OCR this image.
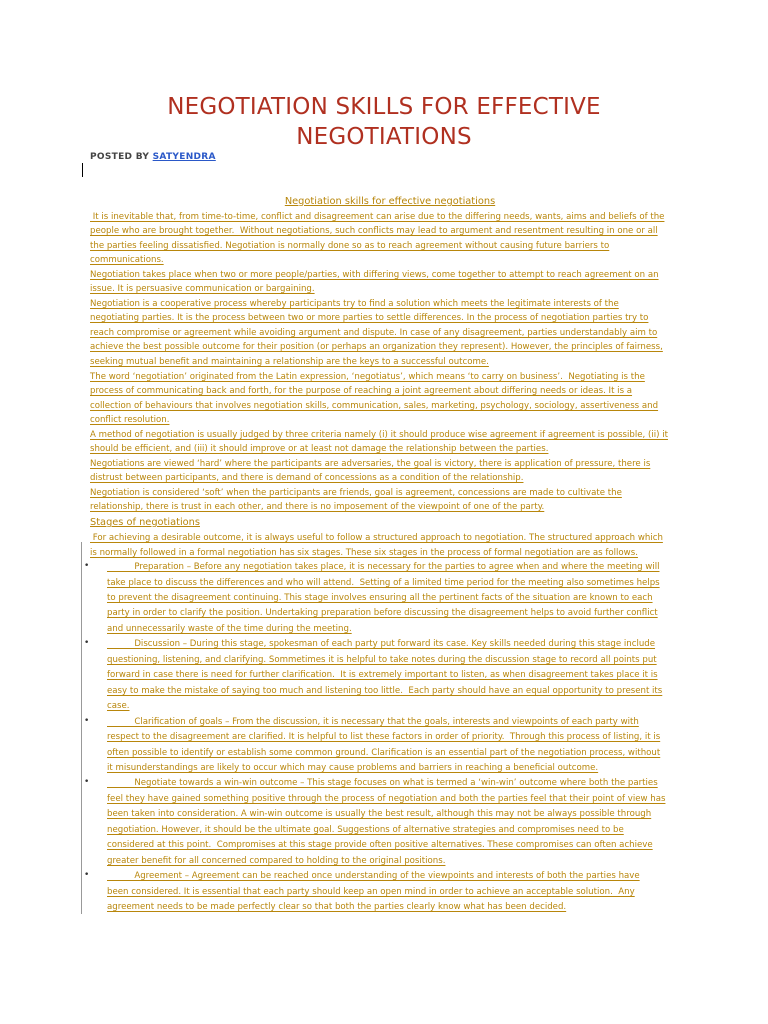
NEGOTIATION SKILLS FOR EFFECTIVE
NEGOTIATIONS
POSTED BY SATYENDRA
Negotiation skills for effective negotiations
It is inevitable that, from time-to-time, conflict and disagreement can arise due to the differing needs, wants, aims and beliefs of the
people who are brought together.  Without negotiations, such conflicts may lead to argument and resentment resulting in one or all
the parties feeling dissatisfied. Negotiation is normally done so as to reach agreement without causing future barriers to
communications.
Negotiation takes place when two or more people/parties, with differing views, come together to attempt to reach agreement on an
issue. It is persuasive communication or bargaining.
Negotiation is a cooperative process whereby participants try to find a solution which meets the legitimate interests of the
negotiating parties. It is the process between two or more parties to settle differences. In the process of negotiation parties try to
reach compromise or agreement while avoiding argument and dispute. In case of any disagreement, parties understandably aim to
achieve the best possible outcome for their position (or perhaps an organization they represent). However, the principles of fairness,
seeking mutual benefit and maintaining a relationship are the keys to a successful outcome.
The word ‘negotiation’ originated from the Latin expression, ‘negotiatus’, which means ‘to carry on business’.  Negotiating is the
process of communicating back and forth, for the purpose of reaching a joint agreement about differing needs or ideas. It is a
collection of behaviours that involves negotiation skills, communication, sales, marketing, psychology, sociology, assertiveness and
conflict resolution.
A method of negotiation is usually judged by three criteria namely (i) it should produce wise agreement if agreement is possible, (ii) it
should be efficient, and (iii) it should improve or at least not damage the relationship between the parties.
Negotiations are viewed ‘hard’ where the participants are adversaries, the goal is victory, there is application of pressure, there is
distrust between participants, and there is demand of concessions as a condition of the relationship.
Negotiation is considered ‘soft’ when the participants are friends, goal is agreement, concessions are made to cultivate the
relationship, there is trust in each other, and there is no imposement of the viewpoint of one of the party.
Stages of negotiations
For achieving a desirable outcome, it is always useful to follow a structured approach to negotiation. The structured approach which
is normally followed in a formal negotiation has six stages. These six stages in the process of formal negotiation are as follows.
• Preparation – Before any negotiation takes place, it is necessary for the parties to agree when and where the meeting will
take place to discuss the differences and who will attend.  Setting of a limited time period for the meeting also sometimes helps
to prevent the disagreement continuing. This stage involves ensuring all the pertinent facts of the situation are known to each
party in order to clarify the position. Undertaking preparation before discussing the disagreement helps to avoid further conflict
and unnecessarily waste of the time during the meeting.
• Discussion – During this stage, spokesman of each party put forward its case. Key skills needed during this stage include
questioning, listening, and clarifying. Sommetimes it is helpful to take notes during the discussion stage to record all points put
forward in case there is need for further clarification.  It is extremely important to listen, as when disagreement takes place it is
easy to make the mistake of saying too much and listening too little.  Each party should have an equal opportunity to present its
case.
• Clarification of goals – From the discussion, it is necessary that the goals, interests and viewpoints of each party with
respect to the disagreement are clarified. It is helpful to list these factors in order of priority.  Through this process of listing, it is
often possible to identify or establish some common ground. Clarification is an essential part of the negotiation process, without
it misunderstandings are likely to occur which may cause problems and barriers in reaching a beneficial outcome.
• Negotiate towards a win-win outcome – This stage focuses on what is termed a ‘win-win’ outcome where both the parties
feel they have gained something positive through the process of negotiation and both the parties feel that their point of view has
been taken into consideration. A win-win outcome is usually the best result, although this may not be always possible through
negotiation. However, it should be the ultimate goal. Suggestions of alternative strategies and compromises need to be
considered at this point.  Compromises at this stage provide often positive alternatives. These compromises can often achieve
greater benefit for all concerned compared to holding to the original positions.
• Agreement – Agreement can be reached once understanding of the viewpoints and interests of both the parties have
been considered. It is essential that each party should keep an open mind in order to achieve an acceptable solution.  Any
agreement needs to be made perfectly clear so that both the parties clearly know what has been decided.
